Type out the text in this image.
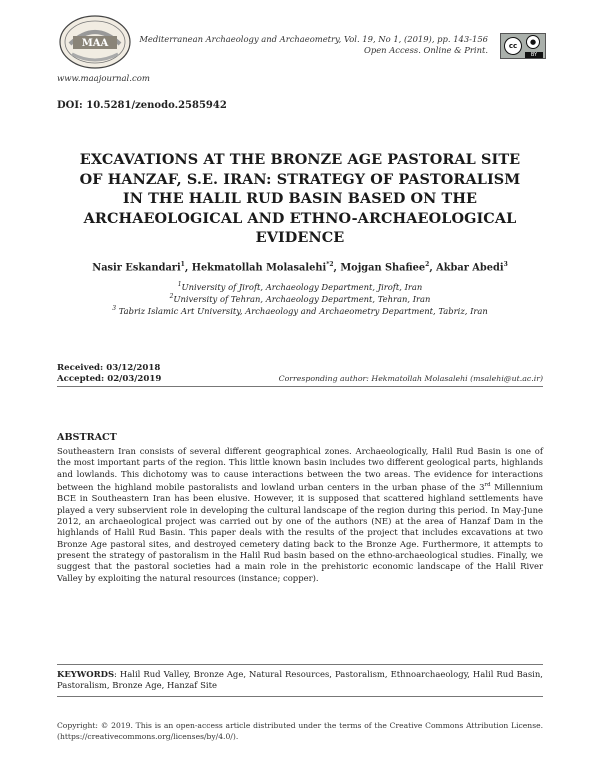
MAA
www.maajournal.com
Mediterranean Archaeology and Archaeometry, Vol. 19, No 1, (2019), pp. 143-156
Open Access. Online & Print.	cc	●
BY
DOI: 10.5281/zenodo.2585942
EXCAVATIONS AT THE BRONZE AGE PASTORAL SITE
OF HANZAF, S.E. IRAN: STRATEGY OF PASTORALISM
IN THE HALIL RUD BASIN BASED ON THE
ARCHAEOLOGICAL AND ETHNO-ARCHAEOLOGICAL
EVIDENCE
Nasir Eskandari$^1$, Hekmatollah Molasalehi$^{*2}$, Mojgan Shafiee$^2$, Akbar Abedi$^3$
$^1$University of Jiroft, Archaeology Department, Jiroft, Iran
$^2$University of Tehran, Archaeology Department, Tehran, Iran
$^3$ Tabriz Islamic Art University, Archaeology and Archaeometry Department, Tabriz, Iran
Received: 03/12/2018
Accepted: 02/03/2019	Corresponding author: Hekmatollah Molasalehi (msalehi@ut.ac.ir)
ABSTRACT

Southeastern Iran consists of several different geographical zones. Archaeologically, Halil Rud Basin is one of the most important parts of the region. This little known basin includes two different geological parts, highlands and lowlands. This dichotomy was to cause interactions between the two areas. The evidence for interactions between the highland mobile pastoralists and lowland urban centers in the urban phase of the 3rd Millennium BCE in Southeastern Iran has been elusive. However, it is supposed that scattered highland settlements have played a very subservient role in developing the cultural landscape of the region during this period. In May-June 2012, an archaeological project was carried out by one of the authors (NE) at the area of Hanzaf Dam in the highlands of Halil Rud Basin. This paper deals with the results of the project that includes excavations at two Bronze Age pastoral sites, and destroyed cemetery dating back to the Bronze Age. Furthermore, it attempts to present the strategy of pastoralism in the Halil Rud basin based on the ethno-archaeological studies. Finally, we suggest that the pastoral societies had a main role in the prehistoric economic landscape of the Halil River Valley by exploiting the natural resources (instance; copper).

KEYWORDS: Halil Rud Valley, Bronze Age, Natural Resources, Pastoralism, Ethnoarchaeology, Halil Rud Basin, Pastoralism, Bronze Age, Hanzaf Site

Copyright: © 2019. This is an open-access article distributed under the terms of the Creative Commons Attribution License. (https://creativecommons.org/licenses/by/4.0/).
